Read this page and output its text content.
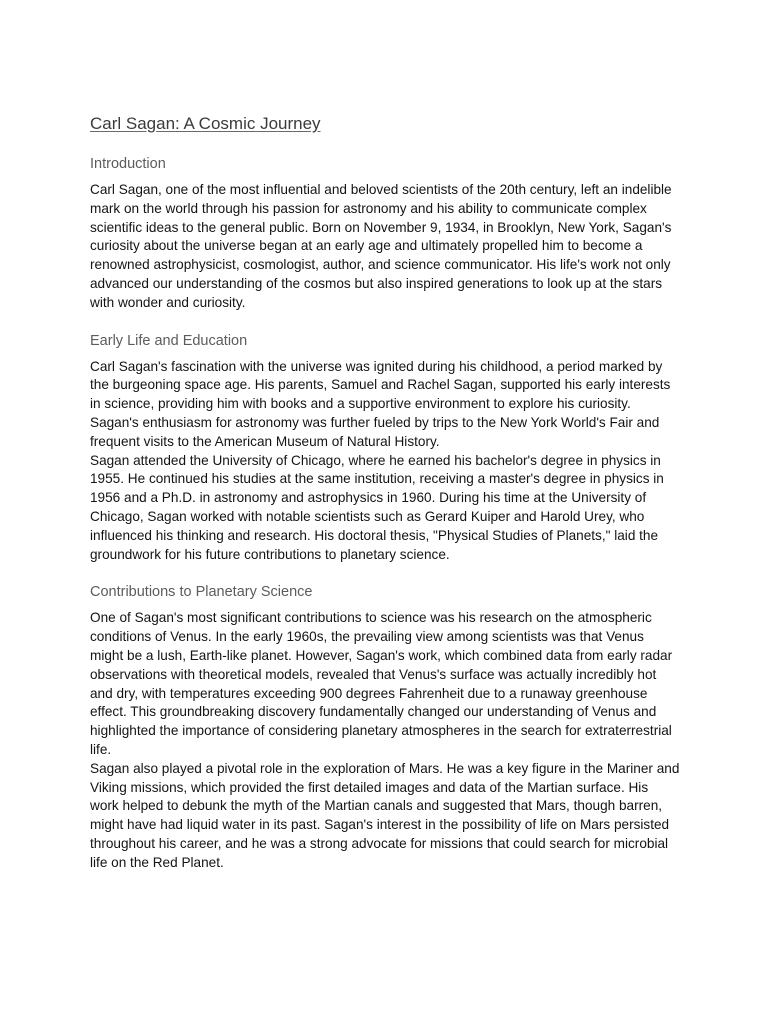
Carl Sagan: A Cosmic Journey
Introduction

Carl Sagan, one of the most influential and beloved scientists of the 20th century, left an indelible mark on the world through his passion for astronomy and his ability to communicate complex scientific ideas to the general public. Born on November 9, 1934, in Brooklyn, New York, Sagan's curiosity about the universe began at an early age and ultimately propelled him to become a renowned astrophysicist, cosmologist, author, and science communicator. His life's work not only advanced our understanding of the cosmos but also inspired generations to look up at the stars with wonder and curiosity.

Early Life and Education

Carl Sagan's fascination with the universe was ignited during his childhood, a period marked by the burgeoning space age. His parents, Samuel and Rachel Sagan, supported his early interests in science, providing him with books and a supportive environment to explore his curiosity. Sagan's enthusiasm for astronomy was further fueled by trips to the New York World's Fair and frequent visits to the American Museum of Natural History.

Sagan attended the University of Chicago, where he earned his bachelor's degree in physics in 1955. He continued his studies at the same institution, receiving a master's degree in physics in 1956 and a Ph.D. in astronomy and astrophysics in 1960. During his time at the University of Chicago, Sagan worked with notable scientists such as Gerard Kuiper and Harold Urey, who influenced his thinking and research. His doctoral thesis, "Physical Studies of Planets," laid the groundwork for his future contributions to planetary science.

Contributions to Planetary Science

One of Sagan's most significant contributions to science was his research on the atmospheric conditions of Venus. In the early 1960s, the prevailing view among scientists was that Venus might be a lush, Earth-like planet. However, Sagan's work, which combined data from early radar observations with theoretical models, revealed that Venus's surface was actually incredibly hot and dry, with temperatures exceeding 900 degrees Fahrenheit due to a runaway greenhouse effect. This groundbreaking discovery fundamentally changed our understanding of Venus and highlighted the importance of considering planetary atmospheres in the search for extraterrestrial life.

Sagan also played a pivotal role in the exploration of Mars. He was a key figure in the Mariner and Viking missions, which provided the first detailed images and data of the Martian surface. His work helped to debunk the myth of the Martian canals and suggested that Mars, though barren, might have had liquid water in its past. Sagan's interest in the possibility of life on Mars persisted throughout his career, and he was a strong advocate for missions that could search for microbial life on the Red Planet.
